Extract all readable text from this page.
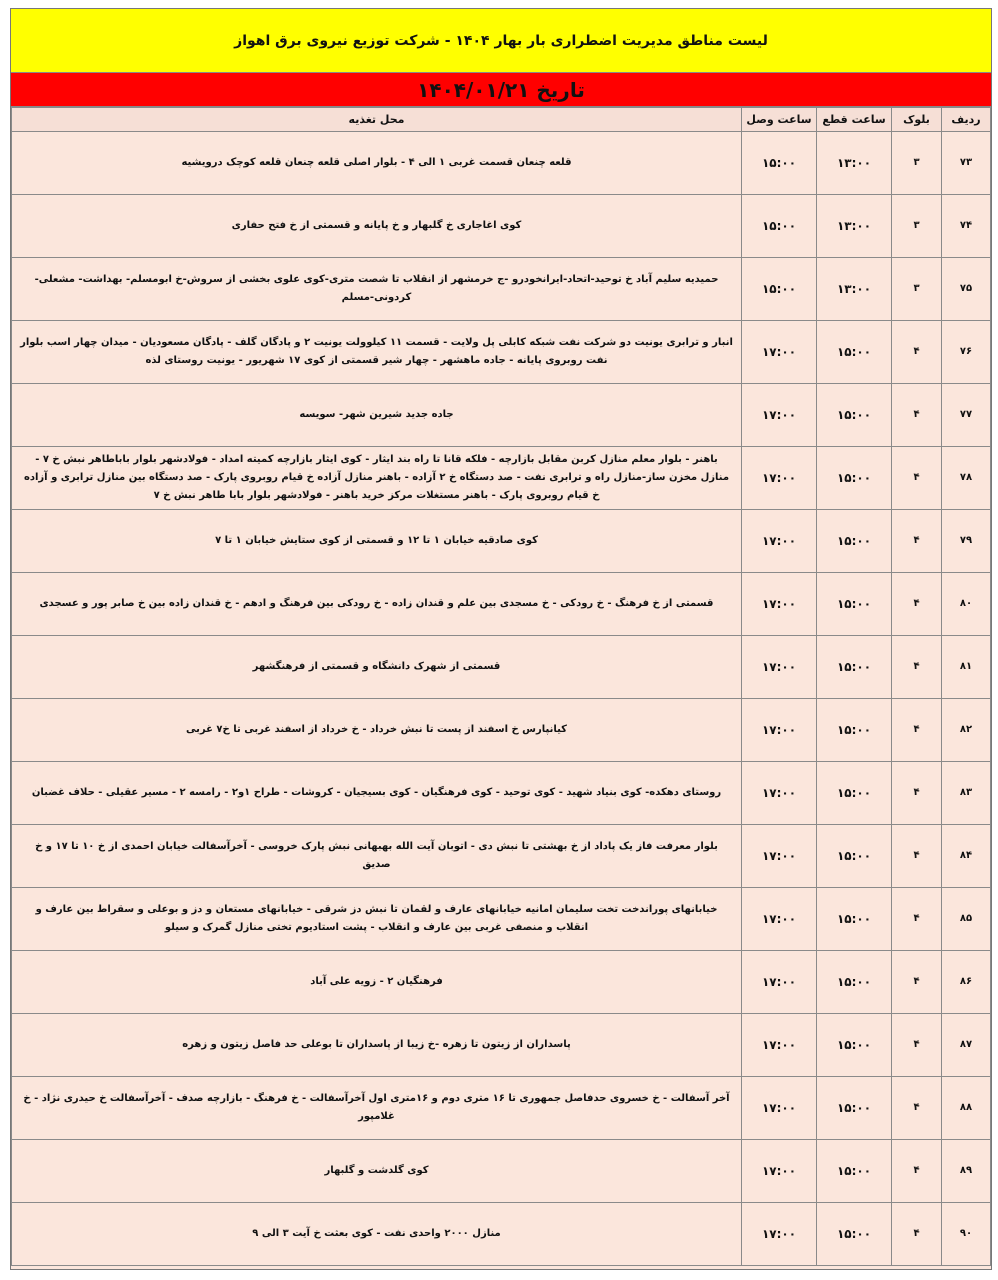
لیست مناطق مدیریت اضطراری بار بهار ۱۴۰۴ - شرکت توزیع نیروی برق اهواز
تاریخ ۱۴۰۴/۰۱/۲۱
ردیف	بلوک	ساعت قطع	ساعت وصل	محل تغذیه
۷۳	۳	۱۳:۰۰	۱۵:۰۰	قلعه چنعان قسمت غربی ۱ الی ۴ - بلوار اصلی قلعه چنعان قلعه کوچک درویشیه
۷۴	۳	۱۳:۰۰	۱۵:۰۰	کوی اغاجاری خ گلبهار و خ پایانه و قسمتی از خ فتح حفاری
۷۵	۳	۱۳:۰۰	۱۵:۰۰	حمیدیه سلیم آباد خ توحید-اتحاد-ایرانخودرو -ج خرمشهر از انقلاب تا شصت متری-کوی علوی بخشی از سروش-خ ابومسلم- بهداشت- مشعلی- کردونی-مسلم
۷۶	۴	۱۵:۰۰	۱۷:۰۰	انبار و ترابری یونیت دو شرکت نفت شبکه کابلی پل ولایت - قسمت ۱۱ کیلوولت یونیت ۲ و پادگان گلف - پادگان مسعودیان - میدان چهار اسب بلوار نفت روبروی پایانه - جاده ماهشهر - چهار شیر قسمتی از کوی ۱۷ شهریور - یونیت روستای لذه
۷۷	۴	۱۵:۰۰	۱۷:۰۰	جاده جدید شیرین شهر- سویسه
۷۸	۴	۱۵:۰۰	۱۷:۰۰	باهنر - بلوار معلم منازل کربن مقابل بازارچه - فلکه قانا تا راه بند ایثار - کوی ایثار بازارچه کمیته امداد - فولادشهر بلوار باباطاهر نبش خ ۷ - منازل مخزن ساز-منازل راه و ترابری نفت - صد دستگاه خ ۲ آزاده - باهنر منازل آزاده خ قیام روبروی پارک - صد دستگاه بین منازل ترابری و آزاده خ قیام روبروی پارک - باهنر مستغلات مرکز خرید باهنر - فولادشهر بلوار بابا طاهر نبش خ ۷
۷۹	۴	۱۵:۰۰	۱۷:۰۰	کوی صادقیه خیابان ۱ تا ۱۲ و قسمتی از کوی ستایش خیابان ۱ تا ۷
۸۰	۴	۱۵:۰۰	۱۷:۰۰	قسمتی از خ فرهنگ - خ رودکی - خ مسجدی بین علم و قندان زاده - خ رودکی بین فرهنگ و ادهم - خ قندان زاده بین خ صابر پور و عسجدی
۸۱	۴	۱۵:۰۰	۱۷:۰۰	قسمتی از شهرک دانشگاه و قسمتی از فرهنگشهر
۸۲	۴	۱۵:۰۰	۱۷:۰۰	کیانپارس خ اسفند از پست تا نبش خرداد - خ خرداد از اسفند غربی تا خ۷ غربی
۸۳	۴	۱۵:۰۰	۱۷:۰۰	روستای دهکده- کوی بنیاد شهید - کوی توحید - کوی فرهنگیان - کوی بسیجیان - کروشات - طراح ۱و۲ - رامسه ۲ - مسیر عقیلی - حلاف غضبان
۸۴	۴	۱۵:۰۰	۱۷:۰۰	بلوار معرفت فاز یک پاداد از خ بهشتی تا نبش دی - اتوبان آیت الله بهبهانی نبش پارک خروسی - آخرآسفالت خیابان احمدی از خ ۱۰ تا ۱۷ و خ صدیق
۸۵	۴	۱۵:۰۰	۱۷:۰۰	خیابانهای پوراندخت تخت سلیمان امانیه خیابانهای عارف و لقمان تا نبش دز شرقی - خیابانهای مستعان و دز و بوعلی و سقراط بین عارف و انقلاب و منصفی غربی بین عارف و انقلاب - پشت استادیوم تختی منازل گمرک و سیلو
۸۶	۴	۱۵:۰۰	۱۷:۰۰	فرهنگیان ۲ - زویه علی آباد
۸۷	۴	۱۵:۰۰	۱۷:۰۰	پاسداران از زیتون تا زهره -خ زیبا از پاسداران تا بوعلی حد فاصل زیتون و زهره
۸۸	۴	۱۵:۰۰	۱۷:۰۰	آخر آسفالت - خ خسروی حدفاصل جمهوری تا ۱۶ متری دوم و ۱۶متری اول آخرآسفالت - خ فرهنگ - بازارچه صدف - آخرآسفالت خ حیدری نژاد - خ غلامپور
۸۹	۴	۱۵:۰۰	۱۷:۰۰	کوی گلدشت و گلبهار
۹۰	۴	۱۵:۰۰	۱۷:۰۰	منازل ۲۰۰۰ واحدی نفت - کوی بعثت خ آیت ۳ الی ۹
